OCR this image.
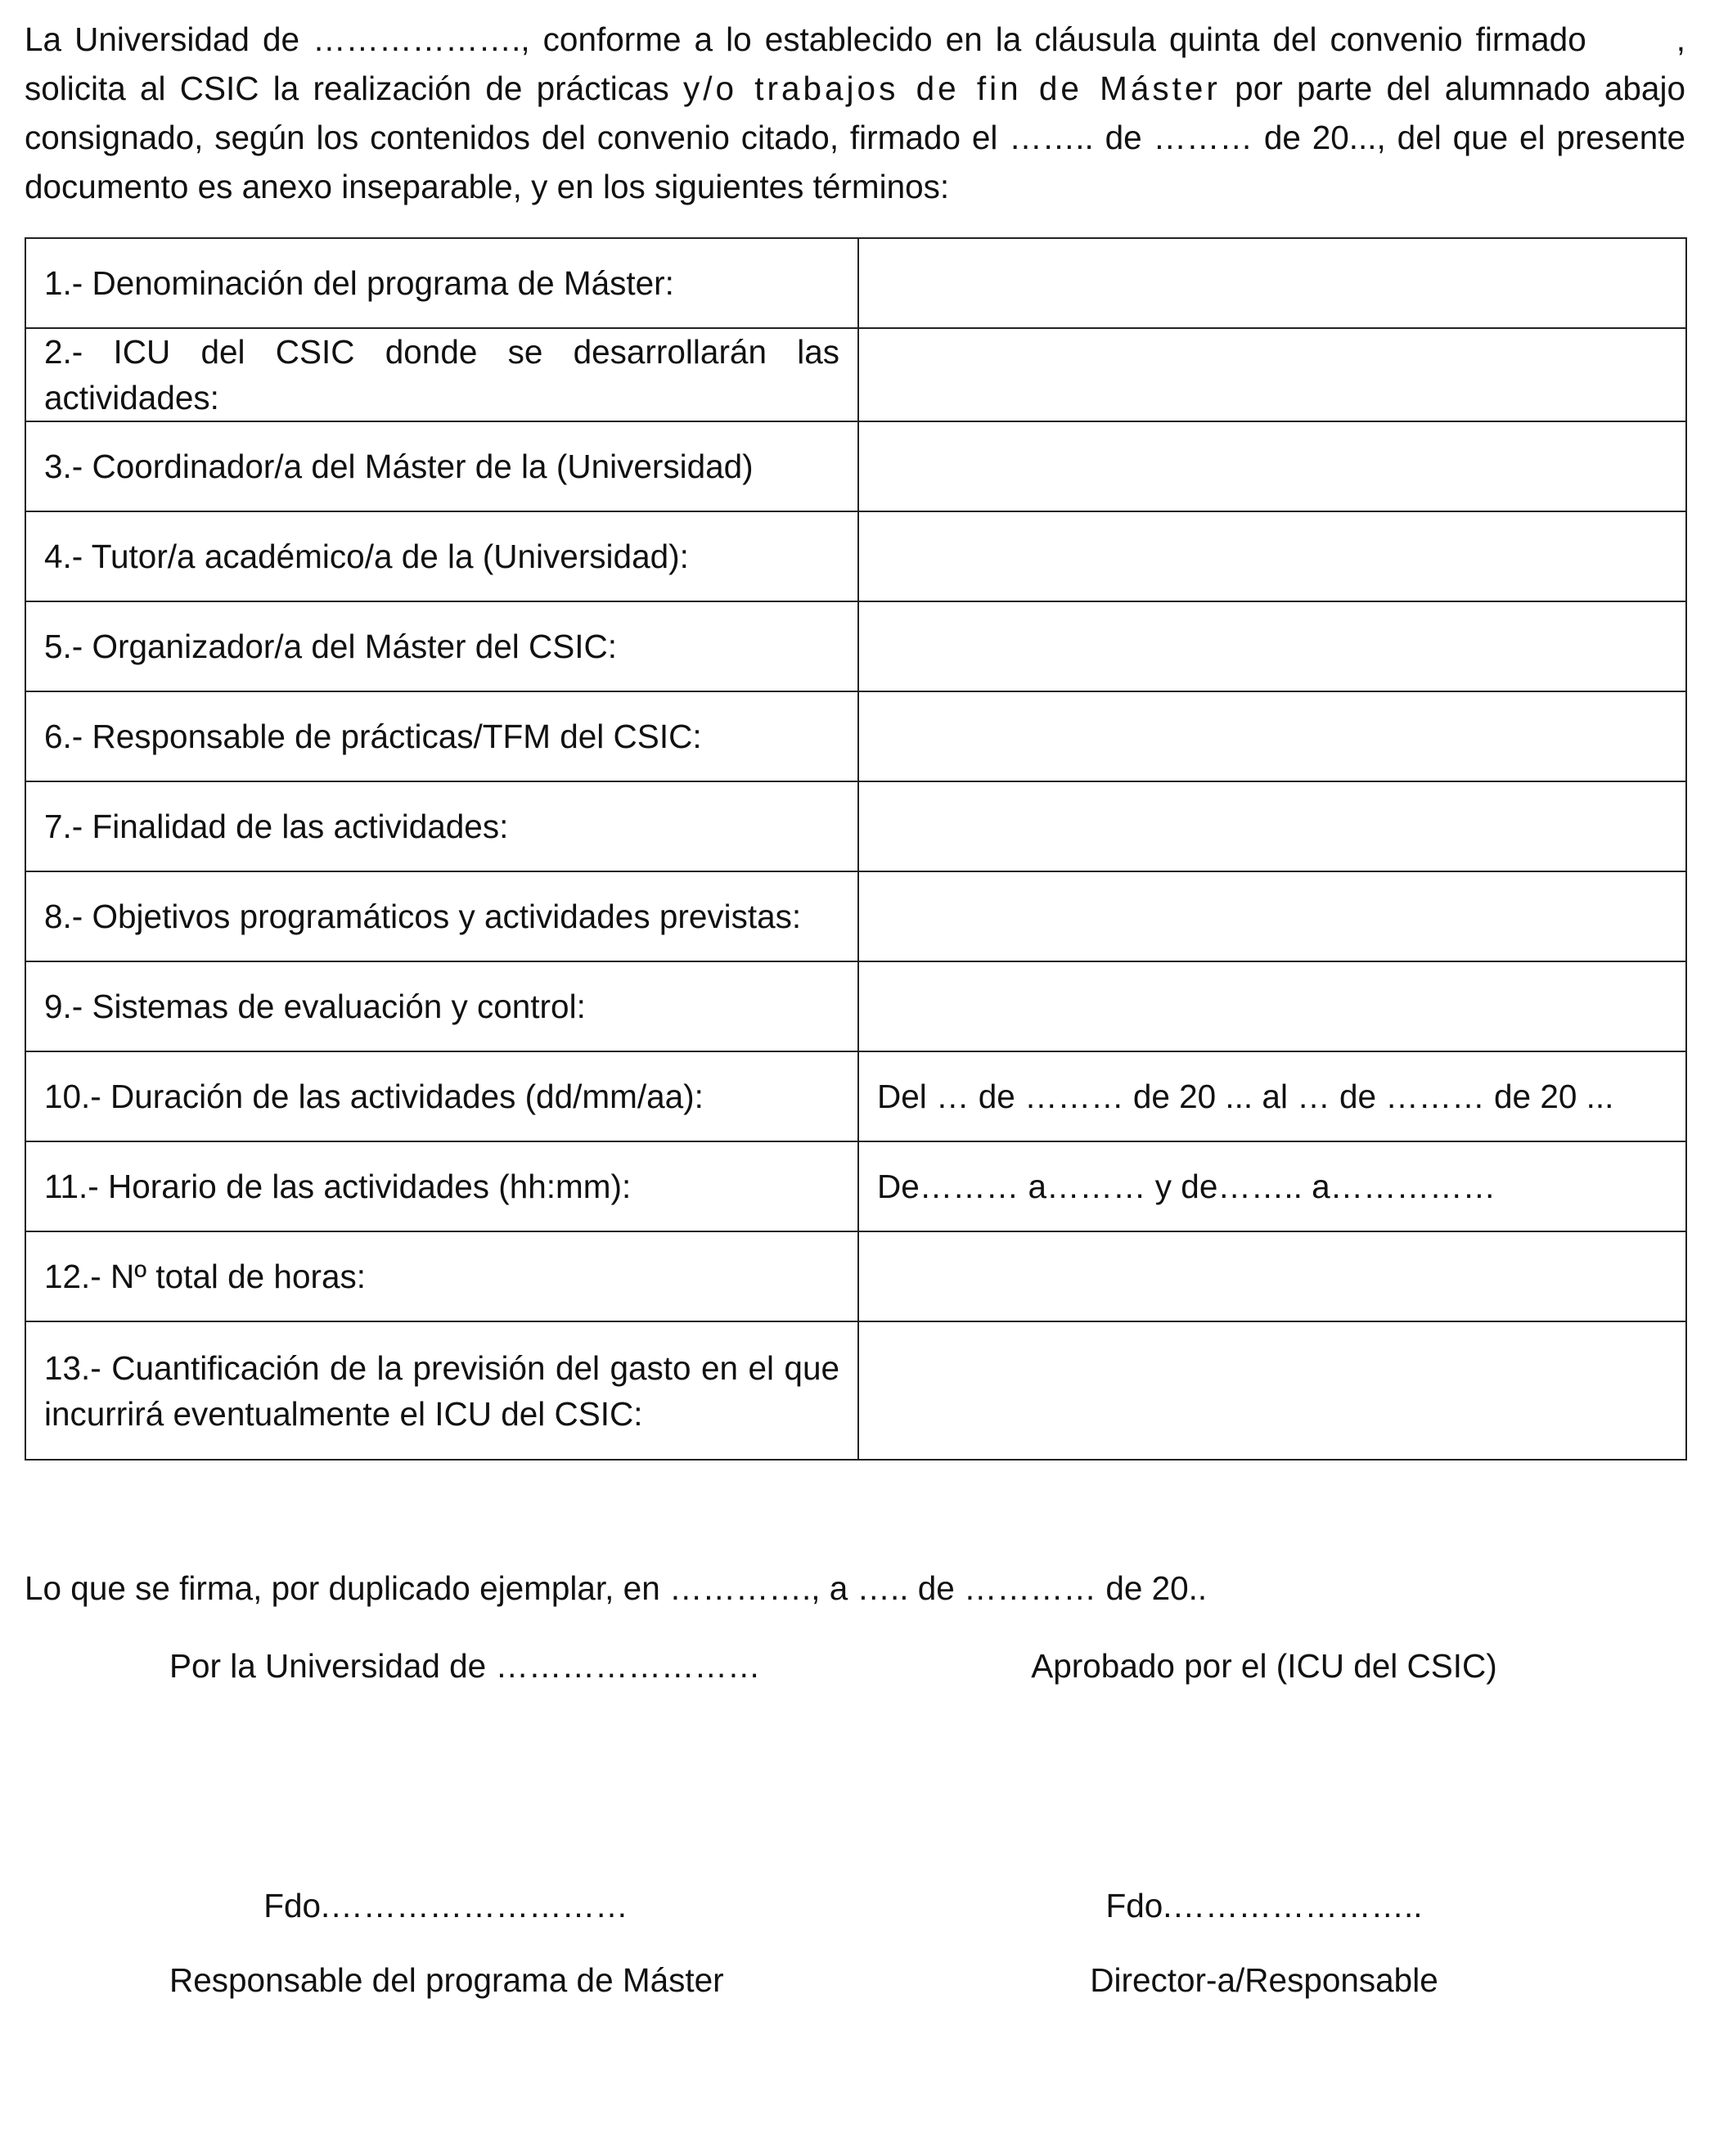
La Universidad de ………………., conforme a lo establecido en la cláusula quinta del convenio firmado	, solicita al CSIC la realización de prácticas y/o trabajos de fin de Máster por parte del alumnado abajo consignado, según los contenidos del convenio citado, firmado el …….. de ……… de 20..., del que el presente documento es anexo inseparable, y en los siguientes términos:
1.- Denominación del programa de Máster:	
2.- ICU del CSIC donde se desarrollarán las actividades:	
3.- Coordinador/a del Máster de la (Universidad)	
4.- Tutor/a académico/a de la (Universidad):	
5.- Organizador/a del Máster del CSIC:	
6.- Responsable de prácticas/TFM del CSIC:	
7.- Finalidad de las actividades:	
8.- Objetivos programáticos y actividades previstas:	
9.- Sistemas de evaluación y control:	
10.- Duración de las actividades (dd/mm/aa):	Del … de ……… de 20 ... al … de ……… de 20 ...
11.- Horario de las actividades (hh:mm):	De……… a……… y de…….. a……………
12.- Nº total de horas:	
13.- Cuantificación de la previsión del gasto en el que incurrirá eventualmente el ICU del CSIC:	
Lo que se firma, por duplicado ejemplar, en …………., a ….. de ………… de 20..
Por la Universidad de ……………………	Aprobado por el (ICU del CSIC)
Fdo.………………………	Fdo.…………………..
Responsable del programa de Máster	Director-a/Responsable
